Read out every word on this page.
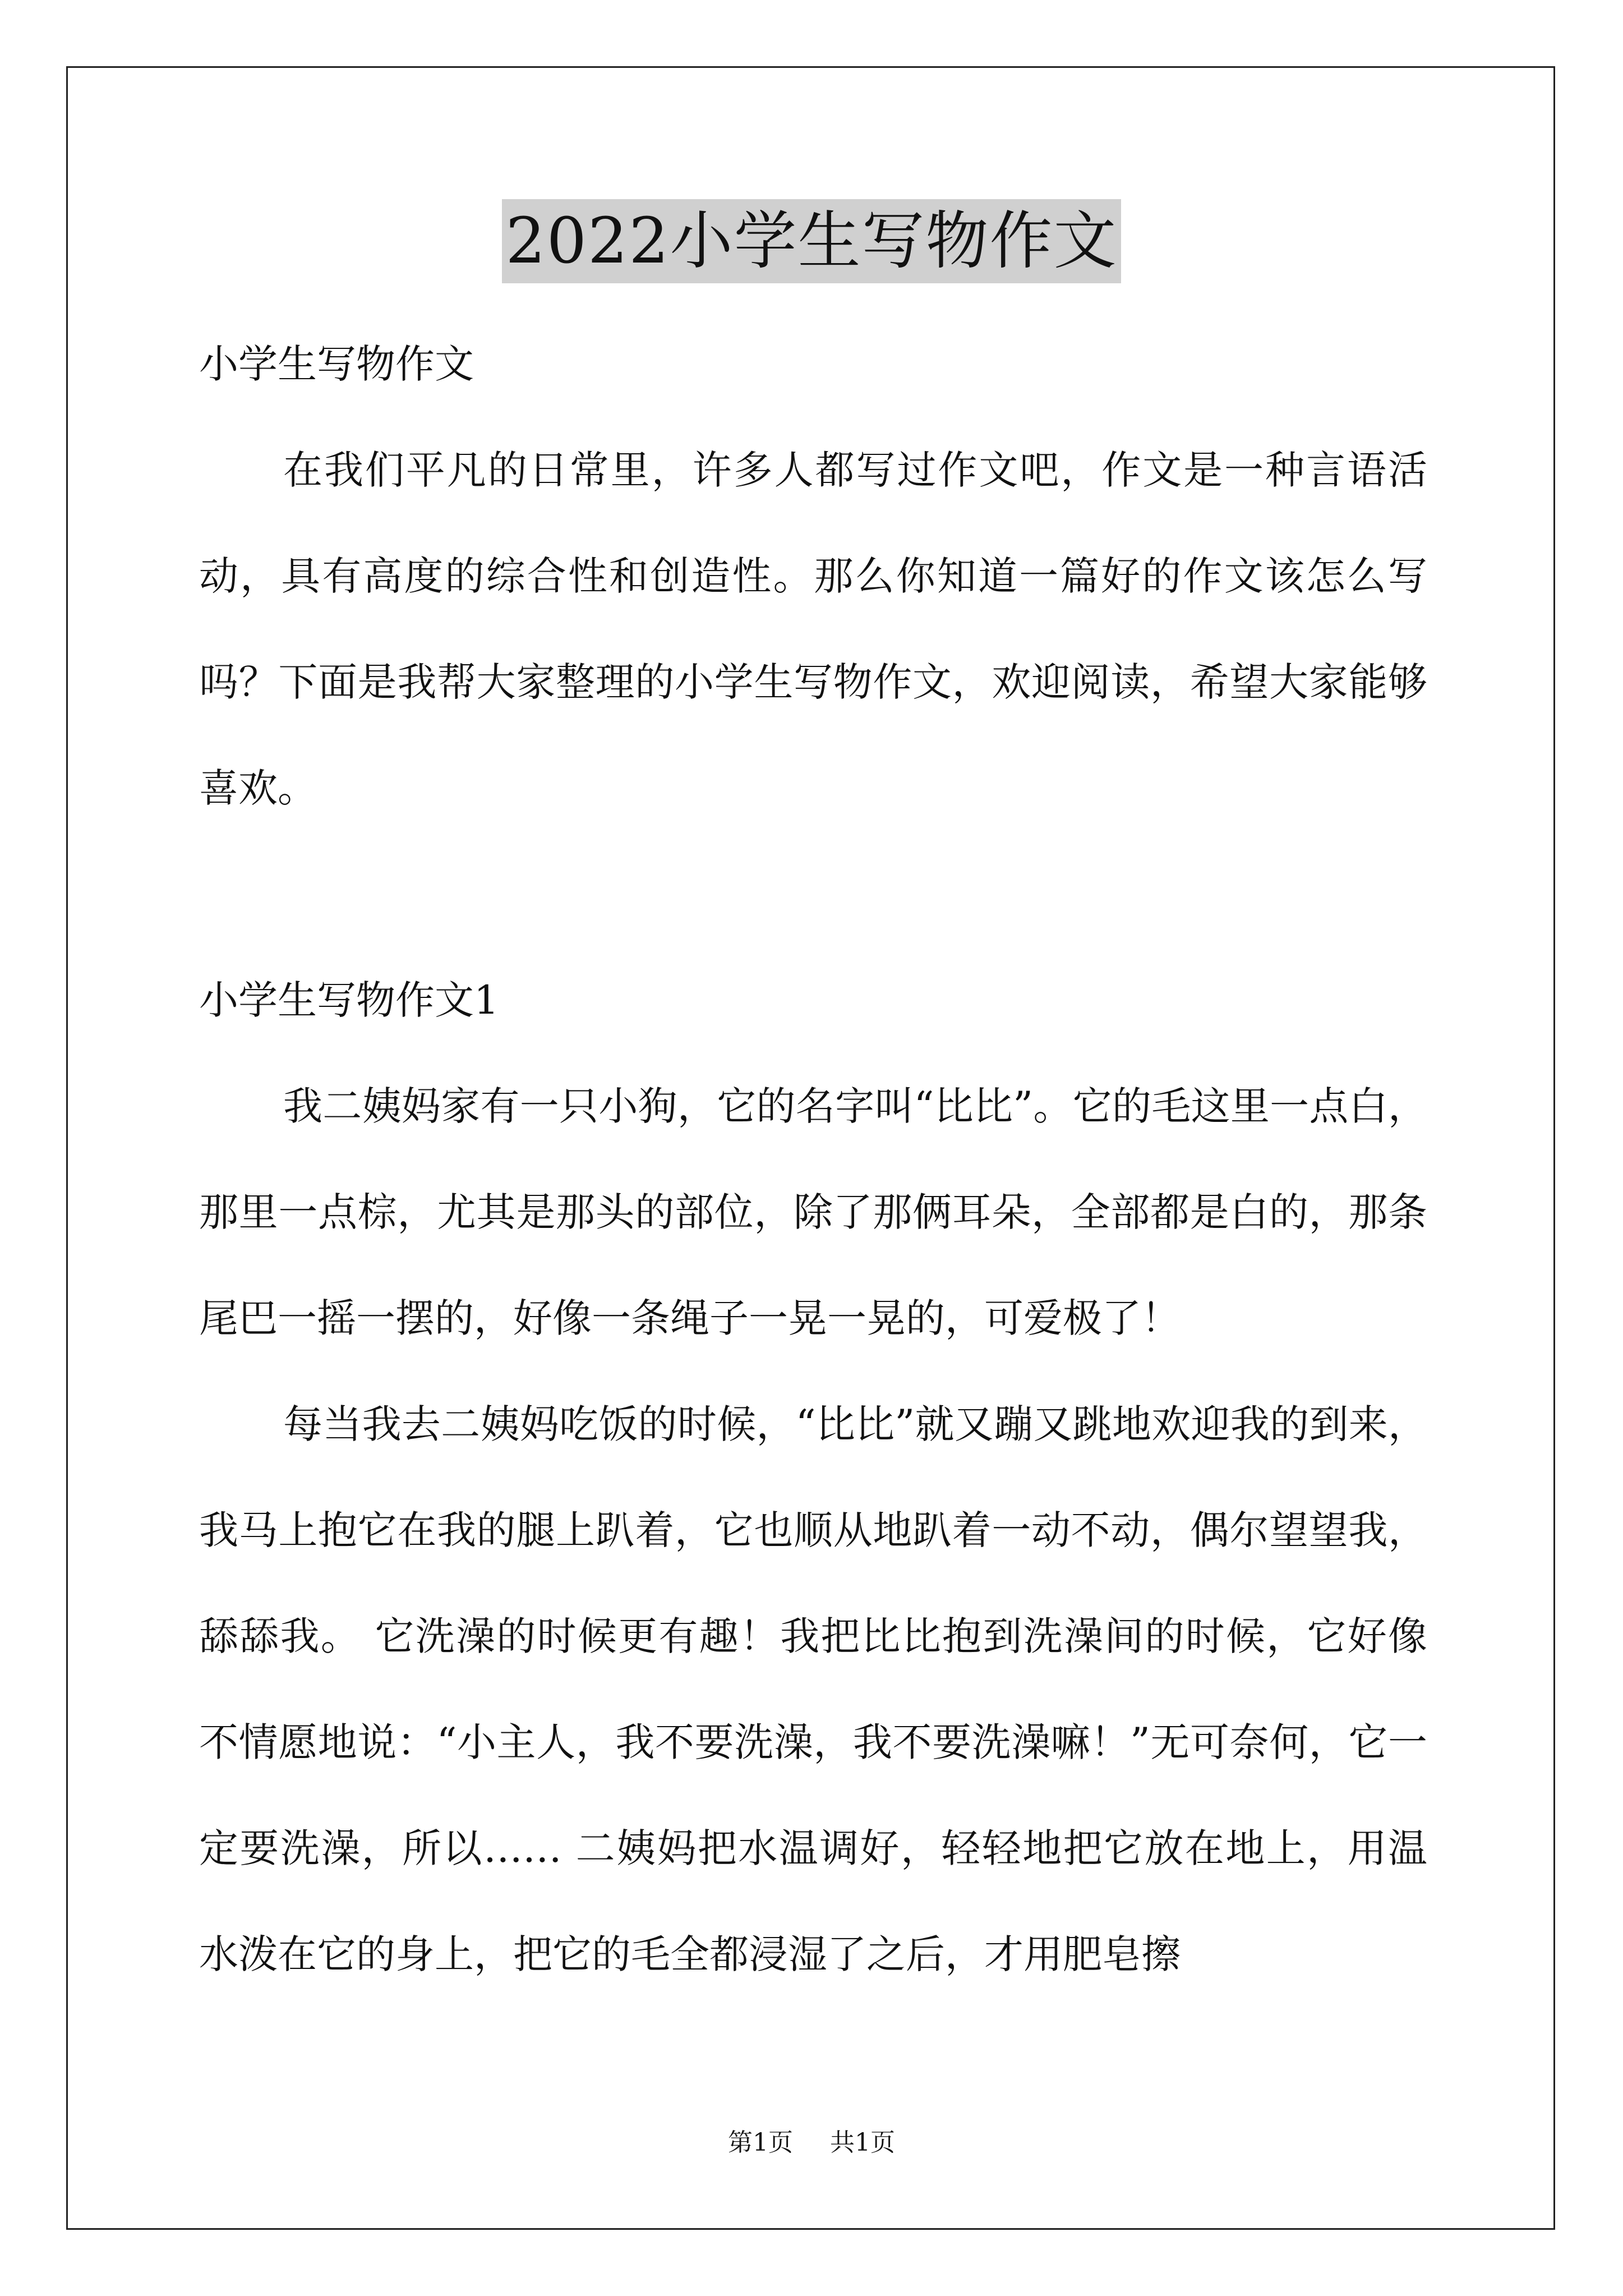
2022小学生写物作文

小学生写物作文

在我们平凡的日常里，许多人都写过作文吧，作文是一种言语活动，具有高度的综合性和创造性。那么你知道一篇好的作文该怎么写吗？下面是我帮大家整理的小学生写物作文，欢迎阅读，希望大家能够喜欢。

小学生写物作文1

我二姨妈家有一只小狗，它的名字叫“比比”。它的毛这里一点白，那里一点棕，尤其是那头的部位，除了那俩耳朵，全部都是白的，那条尾巴一摇一摆的，好像一条绳子一晃一晃的，可爱极了！

每当我去二姨妈吃饭的时候，“比比”就又蹦又跳地欢迎我的到来，我马上抱它在我的腿上趴着，它也顺从地趴着一动不动，偶尔望望我，舔舔我。 它洗澡的时候更有趣！我把比比抱到洗澡间的时候，它好像不情愿地说：“小主人，我不要洗澡，我不要洗澡嘛！”无可奈何，它一定要洗澡，所以…… 二姨妈把水温调好，轻轻地把它放在地上，用温水泼在它的身上，把它的毛全都浸湿了之后，才用肥皂擦

第1页 共1页
